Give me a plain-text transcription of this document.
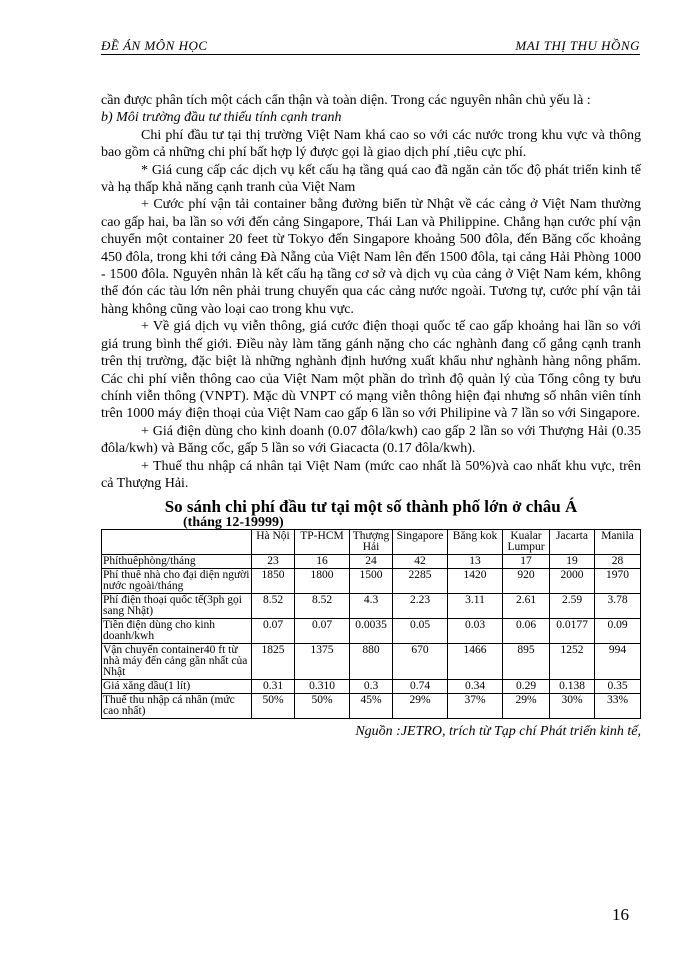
ĐỀ ÁN MÔN HỌC	MAI THỊ THU HỒNG

cần được phân tích một cách cẩn thận và toàn diện. Trong các nguyên nhân chủ yếu là :

b) Môi trường đầu tư thiếu tính cạnh tranh

Chi phí đầu tư tại thị trường Việt Nam khá cao so với các nước trong khu vực và thông bao gồm cả những chi phí bất hợp lý được gọi là giao dịch phí ,tiêu cực phí.

* Giá cung cấp các dịch vụ kết cấu hạ tầng quá cao đã ngăn cản tốc độ phát triển kinh tế và hạ thấp khả năng cạnh tranh của Việt Nam

+ Cước phí vận tải container bằng đường biển từ Nhật về các cảng ở Việt Nam thường cao gấp hai, ba lần so với đến cảng Singapore, Thái Lan và Philippine. Chẳng hạn cước phí vận chuyển một container 20 feet từ Tokyo đến Singapore khoảng 500 đôla, đến Băng cốc khoảng 450 đôla, trong khi tới cảng Đà Nẵng của Việt Nam lên đến 1500 đôla, tại cảng Hải Phòng 1000 - 1500 đôla. Nguyên nhân là kết cấu hạ tầng cơ sở và dịch vụ của cảng ở Việt Nam kém, không thể đón các tàu lớn nên phải trung chuyển qua các cảng nước ngoài. Tương tự, cước phí vận tải hàng không cũng vào loại cao trong khu vực.

+ Về giá dịch vụ viễn thông, giá cước điện thoại quốc tế cao gấp khoảng hai lần so với giá trung bình thế giới. Điều này làm tăng gánh nặng cho các nghành đang cố gắng cạnh tranh trên thị trường, đặc biệt là những nghành định hướng xuất khẩu như nghành hàng nông phẩm. Các chi phí viễn thông cao của Việt Nam một phần do trình độ quản lý của Tổng công ty bưu chính viễn thông (VNPT). Mặc dù VNPT có mạng viễn thông hiện đại nhưng số nhân viên tính trên 1000 máy điện thoại của Việt Nam cao gấp 6 lần so với Philipine và 7 lần so với Singapore.

+ Giá điện dùng cho kinh doanh (0.07 đôla/kwh) cao gấp 2 lần so với Thượng Hải (0.35 đôla/kwh) và Băng cốc, gấp 5 lần so với Giacacta (0.17 đôla/kwh).

+ Thuế thu nhập cá nhân tại Việt Nam (mức cao nhất là 50%)và cao nhất khu vực, trên cả Thượng Hải.

So sánh chi phí đầu tư tại một số thành phố lớn ở châu Á
(tháng 12-19999)
	Hà Nội	TP-HCM	Thượng Hải	Singapore	Băng kok	Kualar Lumpur	Jacarta	Manila
Phíthuêphòng/tháng	23	16	24	42	13	17	19	28
Phí thuê nhà cho đại diện người nước ngoài/tháng	1850	1800	1500	2285	1420	920	2000	1970
Phí điện thoại quốc tế(3ph gọi sang Nhật)	8.52	8.52	4.3	2.23	3.11	2.61	2.59	3.78
Tiền điện dùng cho kinh doanh/kwh	0.07	0.07	0.0035	0.05	0.03	0.06	0.0177	0.09
Vận chuyển container40 ft từ nhà máy đến cảng gần nhất của Nhật	1825	1375	880	670	1466	895	1252	994
Giá xăng dầu(1 lít)	0.31	0.310	0.3	0.74	0.34	0.29	0.138	0.35
Thuế thu nhập cá nhân (mức cao nhất)	50%	50%	45%	29%	37%	29%	30%	33%
Nguồn :JETRO, trích từ Tạp chí Phát triển kinh tế,
16
